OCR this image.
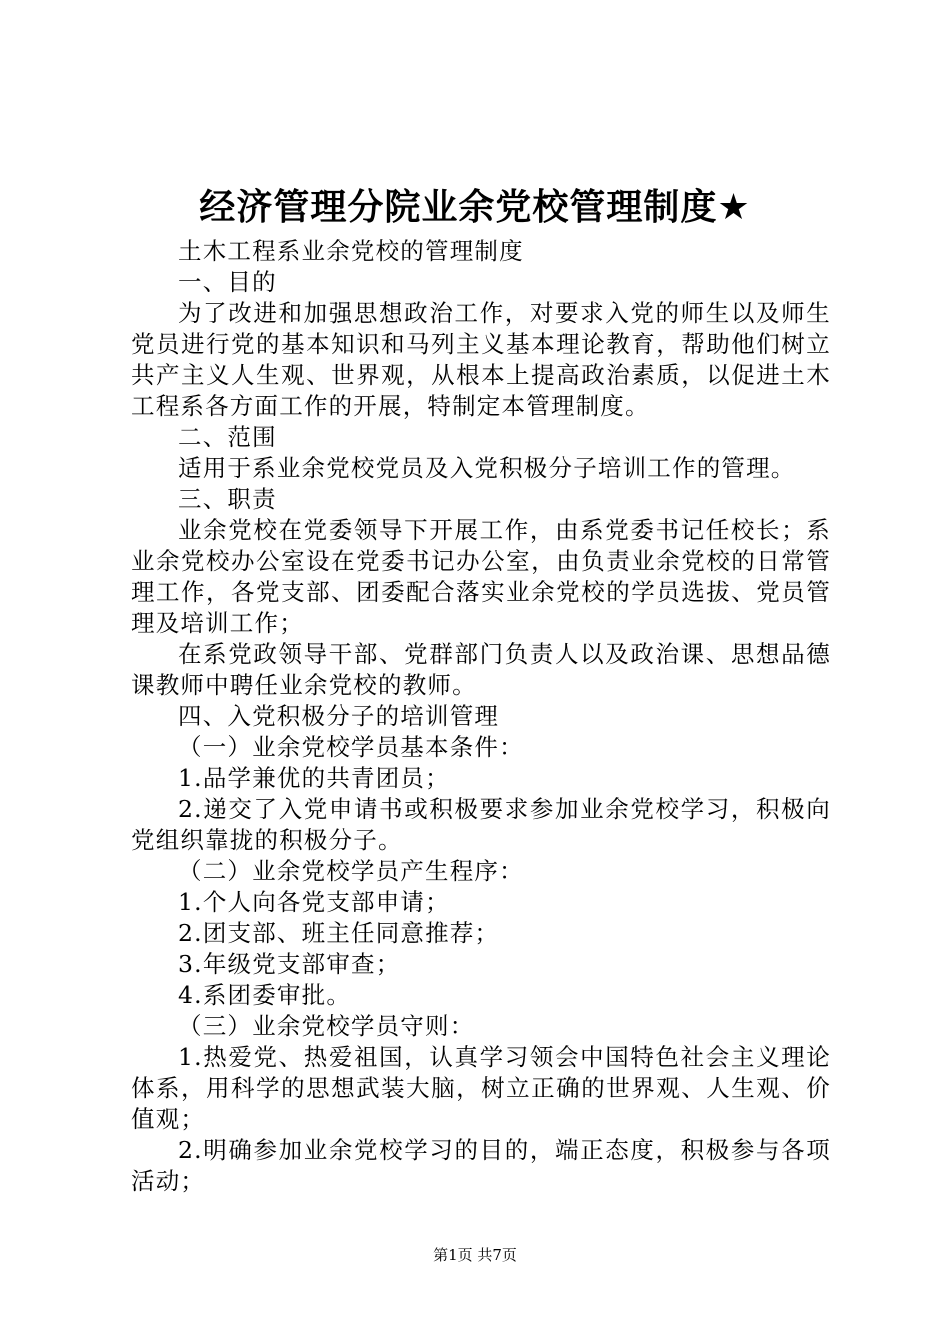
经济管理分院业余党校管理制度★

土木工程系业余党校的管理制度

一、目的

为了改进和加强思想政治工作，对要求入党的师生以及师生党员进行党的基本知识和马列主义基本理论教育，帮助他们树立共产主义人生观、世界观，从根本上提高政治素质，以促进土木工程系各方面工作的开展，特制定本管理制度。

二、范围

适用于系业余党校党员及入党积极分子培训工作的管理。

三、职责

业余党校在党委领导下开展工作，由系党委书记任校长；系业余党校办公室设在党委书记办公室，由负责业余党校的日常管理工作，各党支部、团委配合落实业余党校的学员选拔、党员管理及培训工作；

在系党政领导干部、党群部门负责人以及政治课、思想品德课教师中聘任业余党校的教师。

四、入党积极分子的培训管理

（一）业余党校学员基本条件：

1.品学兼优的共青团员；

2.递交了入党申请书或积极要求参加业余党校学习，积极向党组织靠拢的积极分子。

（二）业余党校学员产生程序：

1.个人向各党支部申请；

2.团支部、班主任同意推荐；

3.年级党支部审查；

4.系团委审批。

（三）业余党校学员守则：

1.热爱党、热爱祖国，认真学习领会中国特色社会主义理论体系，用科学的思想武装大脑，树立正确的世界观、人生观、价值观；

2.明确参加业余党校学习的目的，端正态度，积极参与各项活动；

第1页 共7页
